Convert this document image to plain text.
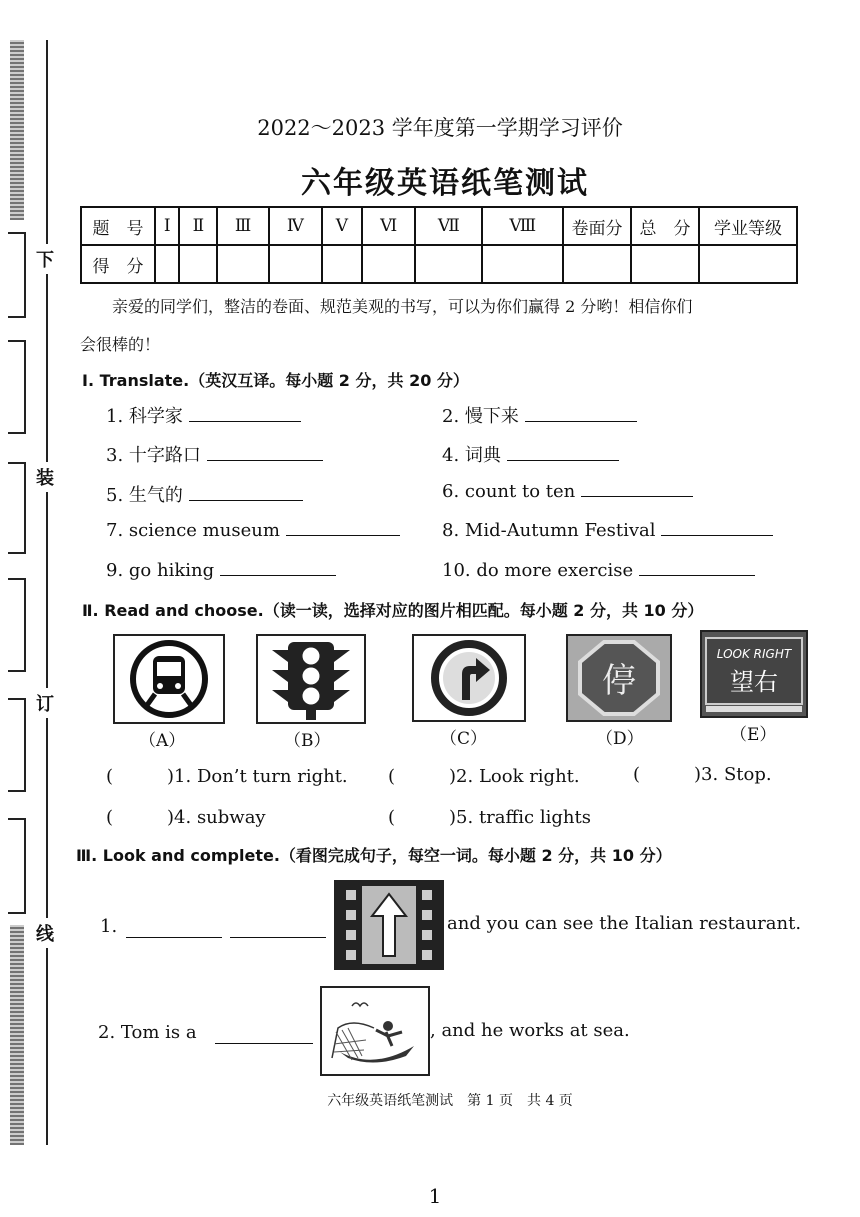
下
装
订
线
2022～2023 学年度第一学期学习评价
六年级英语纸笔测试
题　号	Ⅰ	Ⅱ	Ⅲ	Ⅳ	Ⅴ	Ⅵ	Ⅶ	Ⅷ	卷面分	总　分	学业等级
得　分											
亲爱的同学们，整洁的卷面、规范美观的书写，可以为你们赢得 2 分哟！相信你们
会很棒的！
Ⅰ. Translate.（英汉互译。每小题 2 分，共 20 分）
1. 科学家	2. 慢下来
3. 十字路口	4. 词典
5. 生气的	6. count to ten
7. science museum	8. Mid-Autumn Festival
9. go hiking	10. do more exercise
Ⅱ. Read and choose.（读一读，选择对应的图片相匹配。每小题 2 分，共 10 分）
（A）	（B）	（C）
停
（D）
LOOK RIGHT
望右
（E）
(　　　)1. Don’t turn right. (　　　)2. Look right.	(　　　)3. Stop.
(　　　)4. subway	(　　　)5. traffic lights
Ⅲ. Look and complete.（看图完成句子，每空一词。每小题 2 分，共 10 分）
1.	and you can see the Italian restaurant.
2. Tom is a	, and he works at sea.
六年级英语纸笔测试　第 1 页　共 4 页
1
